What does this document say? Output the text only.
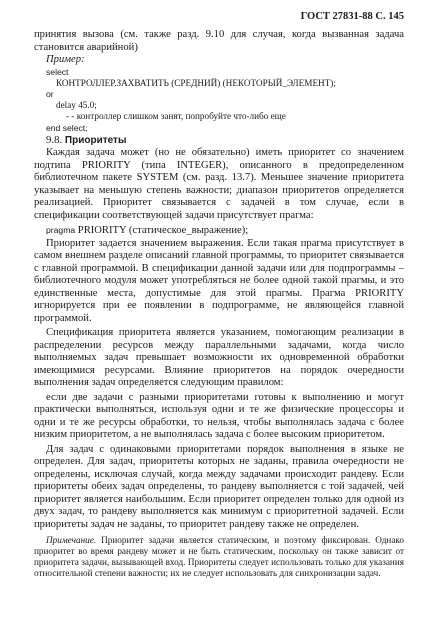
ГОСТ 27831-88 С. 145

принятия вызова (см. также разд. 9.10 для случая, когда вызванная задача становится аварийной)

Пример:
select
КОНТРОЛЛЕР.ЗАХВАТИТЬ (СРЕДНИЙ) (НЕКОТОРЫЙ_ЭЛЕМЕНТ);
or
delay 45.0;
- - контроллер слишком занят, попробуйте что-либо еще
end select;
9.8. Приоритеты

Каждая задача может (но не обязательно) иметь приоритет со значением подтипа PRIORITY (типа INTEGER), описанного в предопределенном библиотечном пакете SYSTEM (см. разд. 13.7). Меньшее значение приоритета указывает на меньшую степень важности; диапазон приоритетов определяется реализацией. Приоритет связывается с задачей в том случае, если в спецификации соответствующей задачи присутствует прагма:

pragma PRIORITY (статическое_выражение);

Приоритет задается значением выражения. Если такая прагма присутствует в самом внешнем разделе описаний главной программы, то приоритет связывается с главной программой. В спецификации данной задачи или для подпрограммы – библиотечного модуля может употребляться не более одной такой прагмы, и это единственные места, допустимые для этой прагмы. Прагма PRIORITY игнорируется при ее появлении в подпрограмме, не являющейся главной программой.

Спецификация приоритета является указанием, помогающим реализации в распределении ресурсов между параллельными задачами, когда число выполняемых задач превышает возможности их одновременной обработки имеющимися ресурсами. Влияние приоритетов на порядок очередности выполнения задач определяется следующим правилом:

если две задачи с разными приоритетами готовы к выполнению и могут практически выполняться, используя одни и те же физические процессоры и одни и те же ресурсы обработки, то нельзя, чтобы выполнялась задача с более низким приоритетом, а не выполнялась задача с более высоким приоритетом.

Для задач с одинаковыми приоритетами порядок выполнения в языке не определен. Для задач, приоритеты которых не заданы, правила очередности не определены, исключая случай, когда между задачами происходит рандеву. Если приоритеты обеих задач определены, то рандеву выполняется с той задачей, чей приоритет является наибольшим. Если приоритет определен только для одной из двух задач, то рандеву выполняется как минимум с приоритетной задачей. Если приоритеты задач не заданы, то приоритет рандеву также не определен.

Примечание. Приоритет задачи является статическим, и поэтому фиксирован. Однако приоритет во время рандеву может и не быть статическим, поскольку он также зависит от приоритета задачи, вызывающей вход. Приоритеты следует использовать только для указания относительной степени важности; их не следует использовать для синхронизации задач.
